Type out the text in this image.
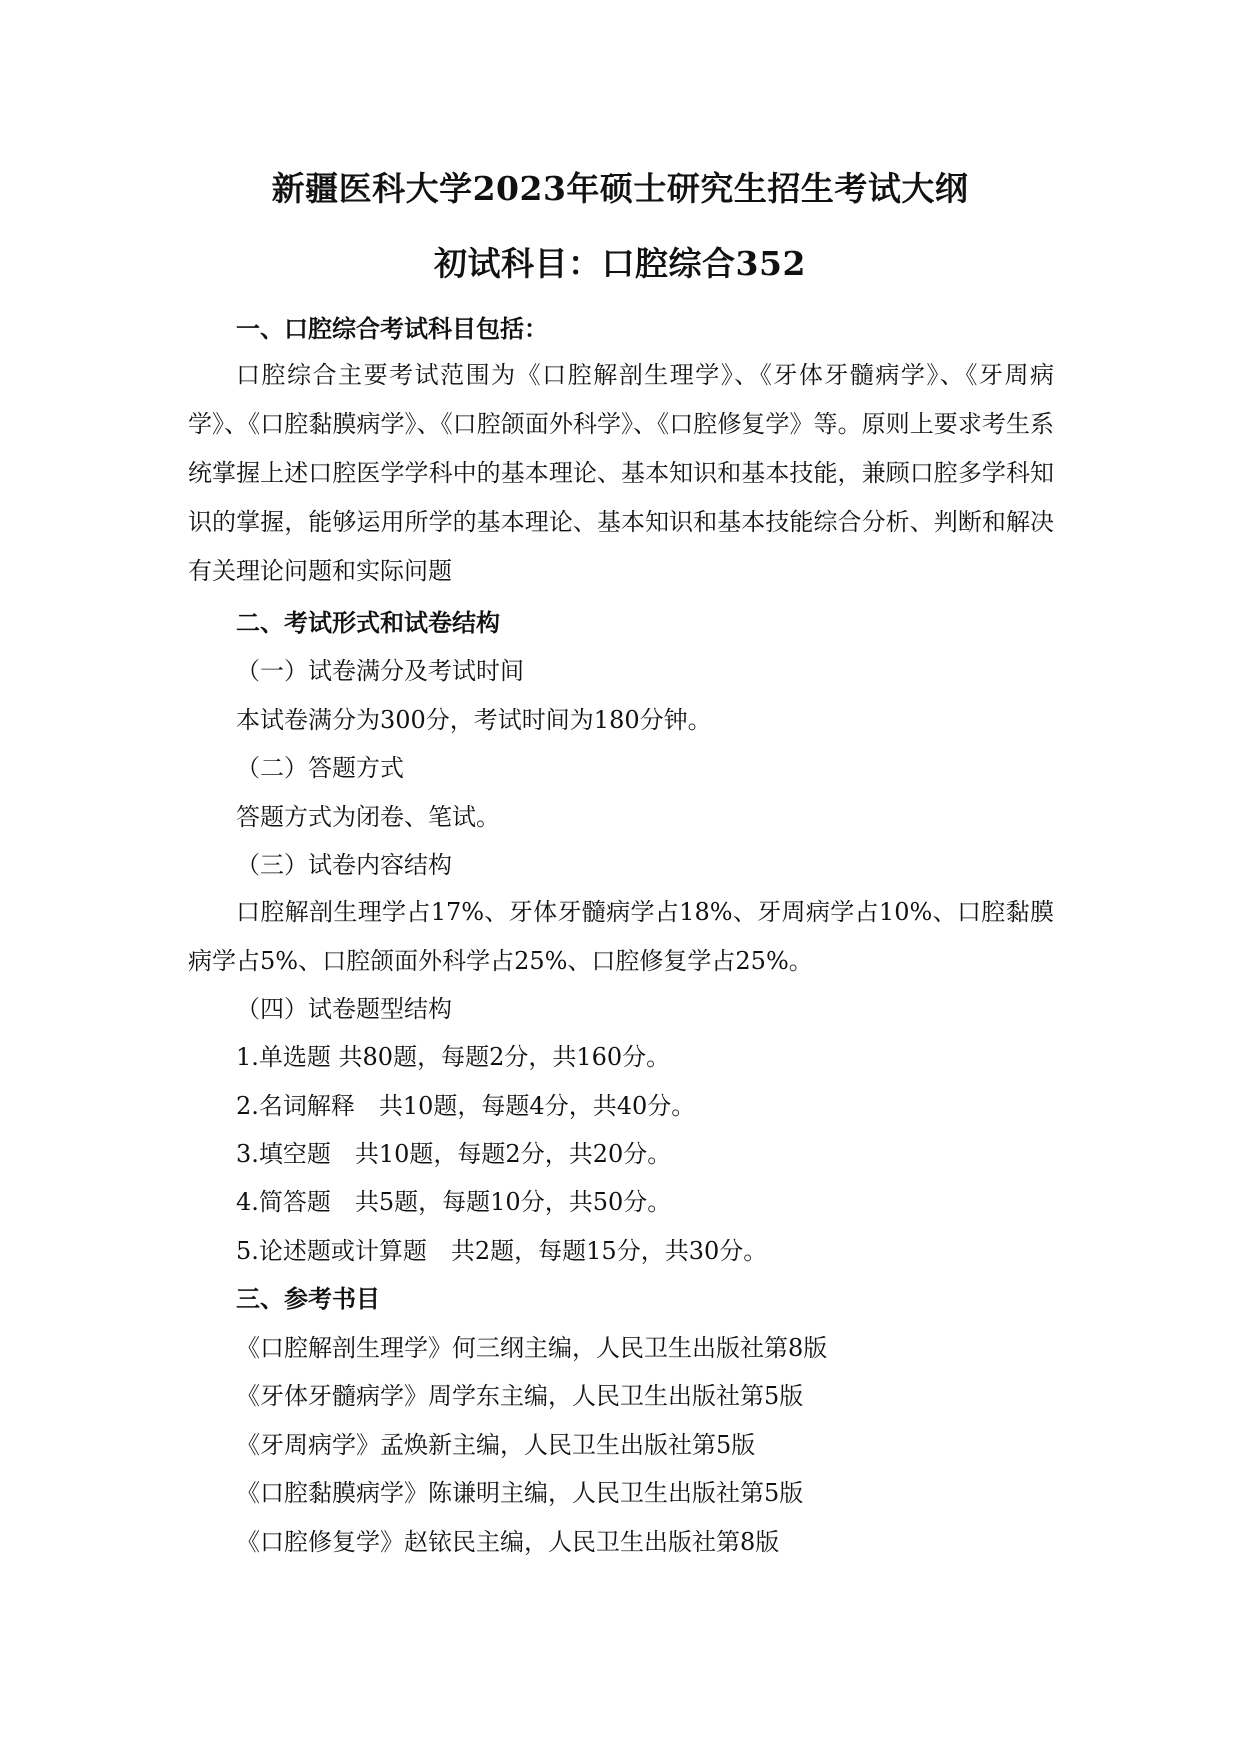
新疆医科大学2023年硕士研究生招生考试大纲
初试科目：口腔综合352
一、口腔综合考试科目包括：
口腔综合主要考试范围为《口腔解剖生理学》、《牙体牙髓病学》、《牙周病学》、《口腔黏膜病学》、《口腔颌面外科学》、《口腔修复学》等。原则上要求考生系统掌握上述口腔医学学科中的基本理论、基本知识和基本技能，兼顾口腔多学科知识的掌握，能够运用所学的基本理论、基本知识和基本技能综合分析、判断和解决有关理论问题和实际问题
二、考试形式和试卷结构
（一）试卷满分及考试时间
本试卷满分为300分，考试时间为180分钟。
（二）答题方式
答题方式为闭卷、笔试。
（三）试卷内容结构
口腔解剖生理学占17%、牙体牙髓病学占18%、牙周病学占10%、口腔黏膜病学占5%、口腔颌面外科学占25%、口腔修复学占25%。
（四）试卷题型结构
1.单选题 共80题，每题2分，共160分。
2.名词解释　共10题，每题4分，共40分。
3.填空题　共10题，每题2分，共20分。
4.简答题　共5题，每题10分，共50分。
5.论述题或计算题　共2题，每题15分，共30分。
三、参考书目
《口腔解剖生理学》何三纲主编，人民卫生出版社第8版
《牙体牙髓病学》周学东主编，人民卫生出版社第5版
《牙周病学》孟焕新主编，人民卫生出版社第5版
《口腔黏膜病学》陈谦明主编，人民卫生出版社第5版
《口腔修复学》赵铱民主编，人民卫生出版社第8版
